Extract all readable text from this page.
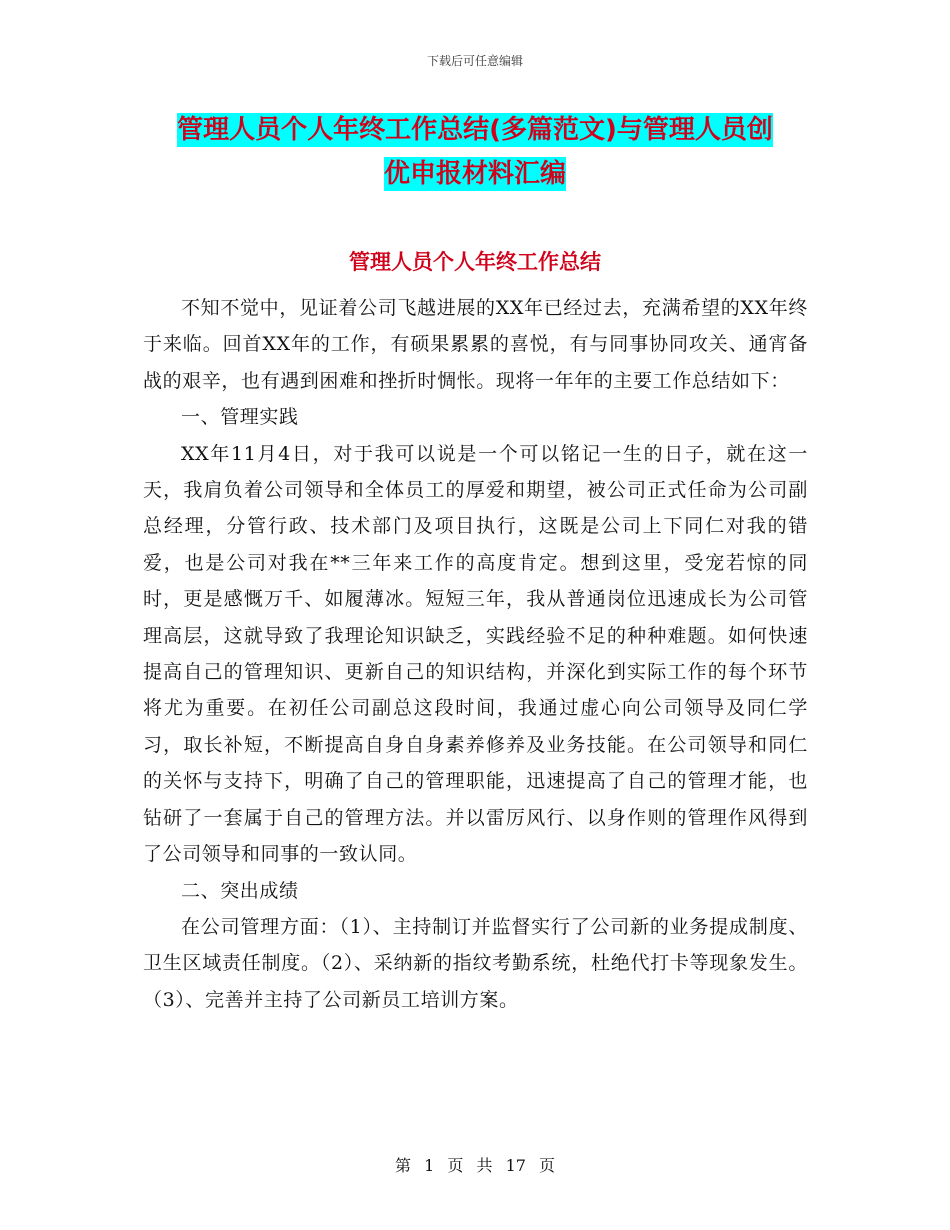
下载后可任意编辑
管理人员个人年终工作总结(多篇范文)与管理人员创
优申报材料汇编
管理人员个人年终工作总结

不知不觉中，见证着公司飞越进展的XX年已经过去，充满希望的XX年终于来临。回首XX年的工作，有硕果累累的喜悦，有与同事协同攻关、通宵备战的艰辛，也有遇到困难和挫折时惆怅。现将一年年的主要工作总结如下：

一、管理实践

XX年11月4日，对于我可以说是一个可以铭记一生的日子，就在这一天，我肩负着公司领导和全体员工的厚爱和期望，被公司正式任命为公司副总经理，分管行政、技术部门及项目执行，这既是公司上下同仁对我的错爱，也是公司对我在**三年来工作的高度肯定。想到这里，受宠若惊的同时，更是感慨万千、如履薄冰。短短三年，我从普通岗位迅速成长为公司管理高层，这就导致了我理论知识缺乏，实践经验不足的种种难题。如何快速提高自己的管理知识、更新自己的知识结构，并深化到实际工作的每个环节将尤为重要。在初任公司副总这段时间，我通过虚心向公司领导及同仁学习，取长补短，不断提高自身自身素养修养及业务技能。在公司领导和同仁的关怀与支持下，明确了自己的管理职能，迅速提高了自己的管理才能，也钻研了一套属于自己的管理方法。并以雷厉风行、以身作则的管理作风得到了公司领导和同事的一致认同。

二、突出成绩

在公司管理方面：（1）、主持制订并监督实行了公司新的业务提成制度、卫生区域责任制度。（2）、采纳新的指纹考勤系统，杜绝代打卡等现象发生。（3）、完善并主持了公司新员工培训方案。

第 1 页 共 17 页
